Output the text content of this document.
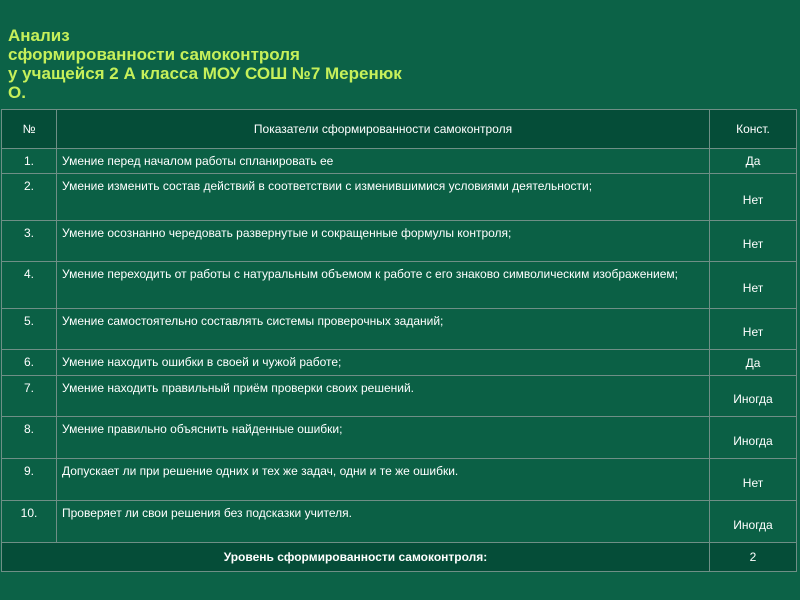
Анализ
сформированности самоконтроля
у учащейся 2 А класса МОУ СОШ №7 Меренюк
О.
№	Показатели сформированности самоконтроля	Конст.
1.	Умение перед началом работы спланировать ее	Да
2.	Умение изменить состав действий в соответствии с изменившимися условиями деятельности;	Нет
3.	Умение осознанно чередовать развернутые и сокращенные формулы контроля;	Нет
4.	Умение переходить от работы с натуральным объемом к работе с его знаково символическим изображением;	Нет
5.	Умение самостоятельно составлять системы проверочных заданий;	Нет
6.	Умение находить ошибки в своей и чужой работе;	Да
7.	Умение находить правильный приём проверки своих решений.	Иногда
8.	Умение правильно объяснить найденные ошибки;	Иногда
9.	Допускает ли при решение одних и тех же задач, одни и те же ошибки.	Нет
10.	Проверяет ли свои решения без подсказки учителя.	Иногда
Уровень сформированности самоконтроля:		2
